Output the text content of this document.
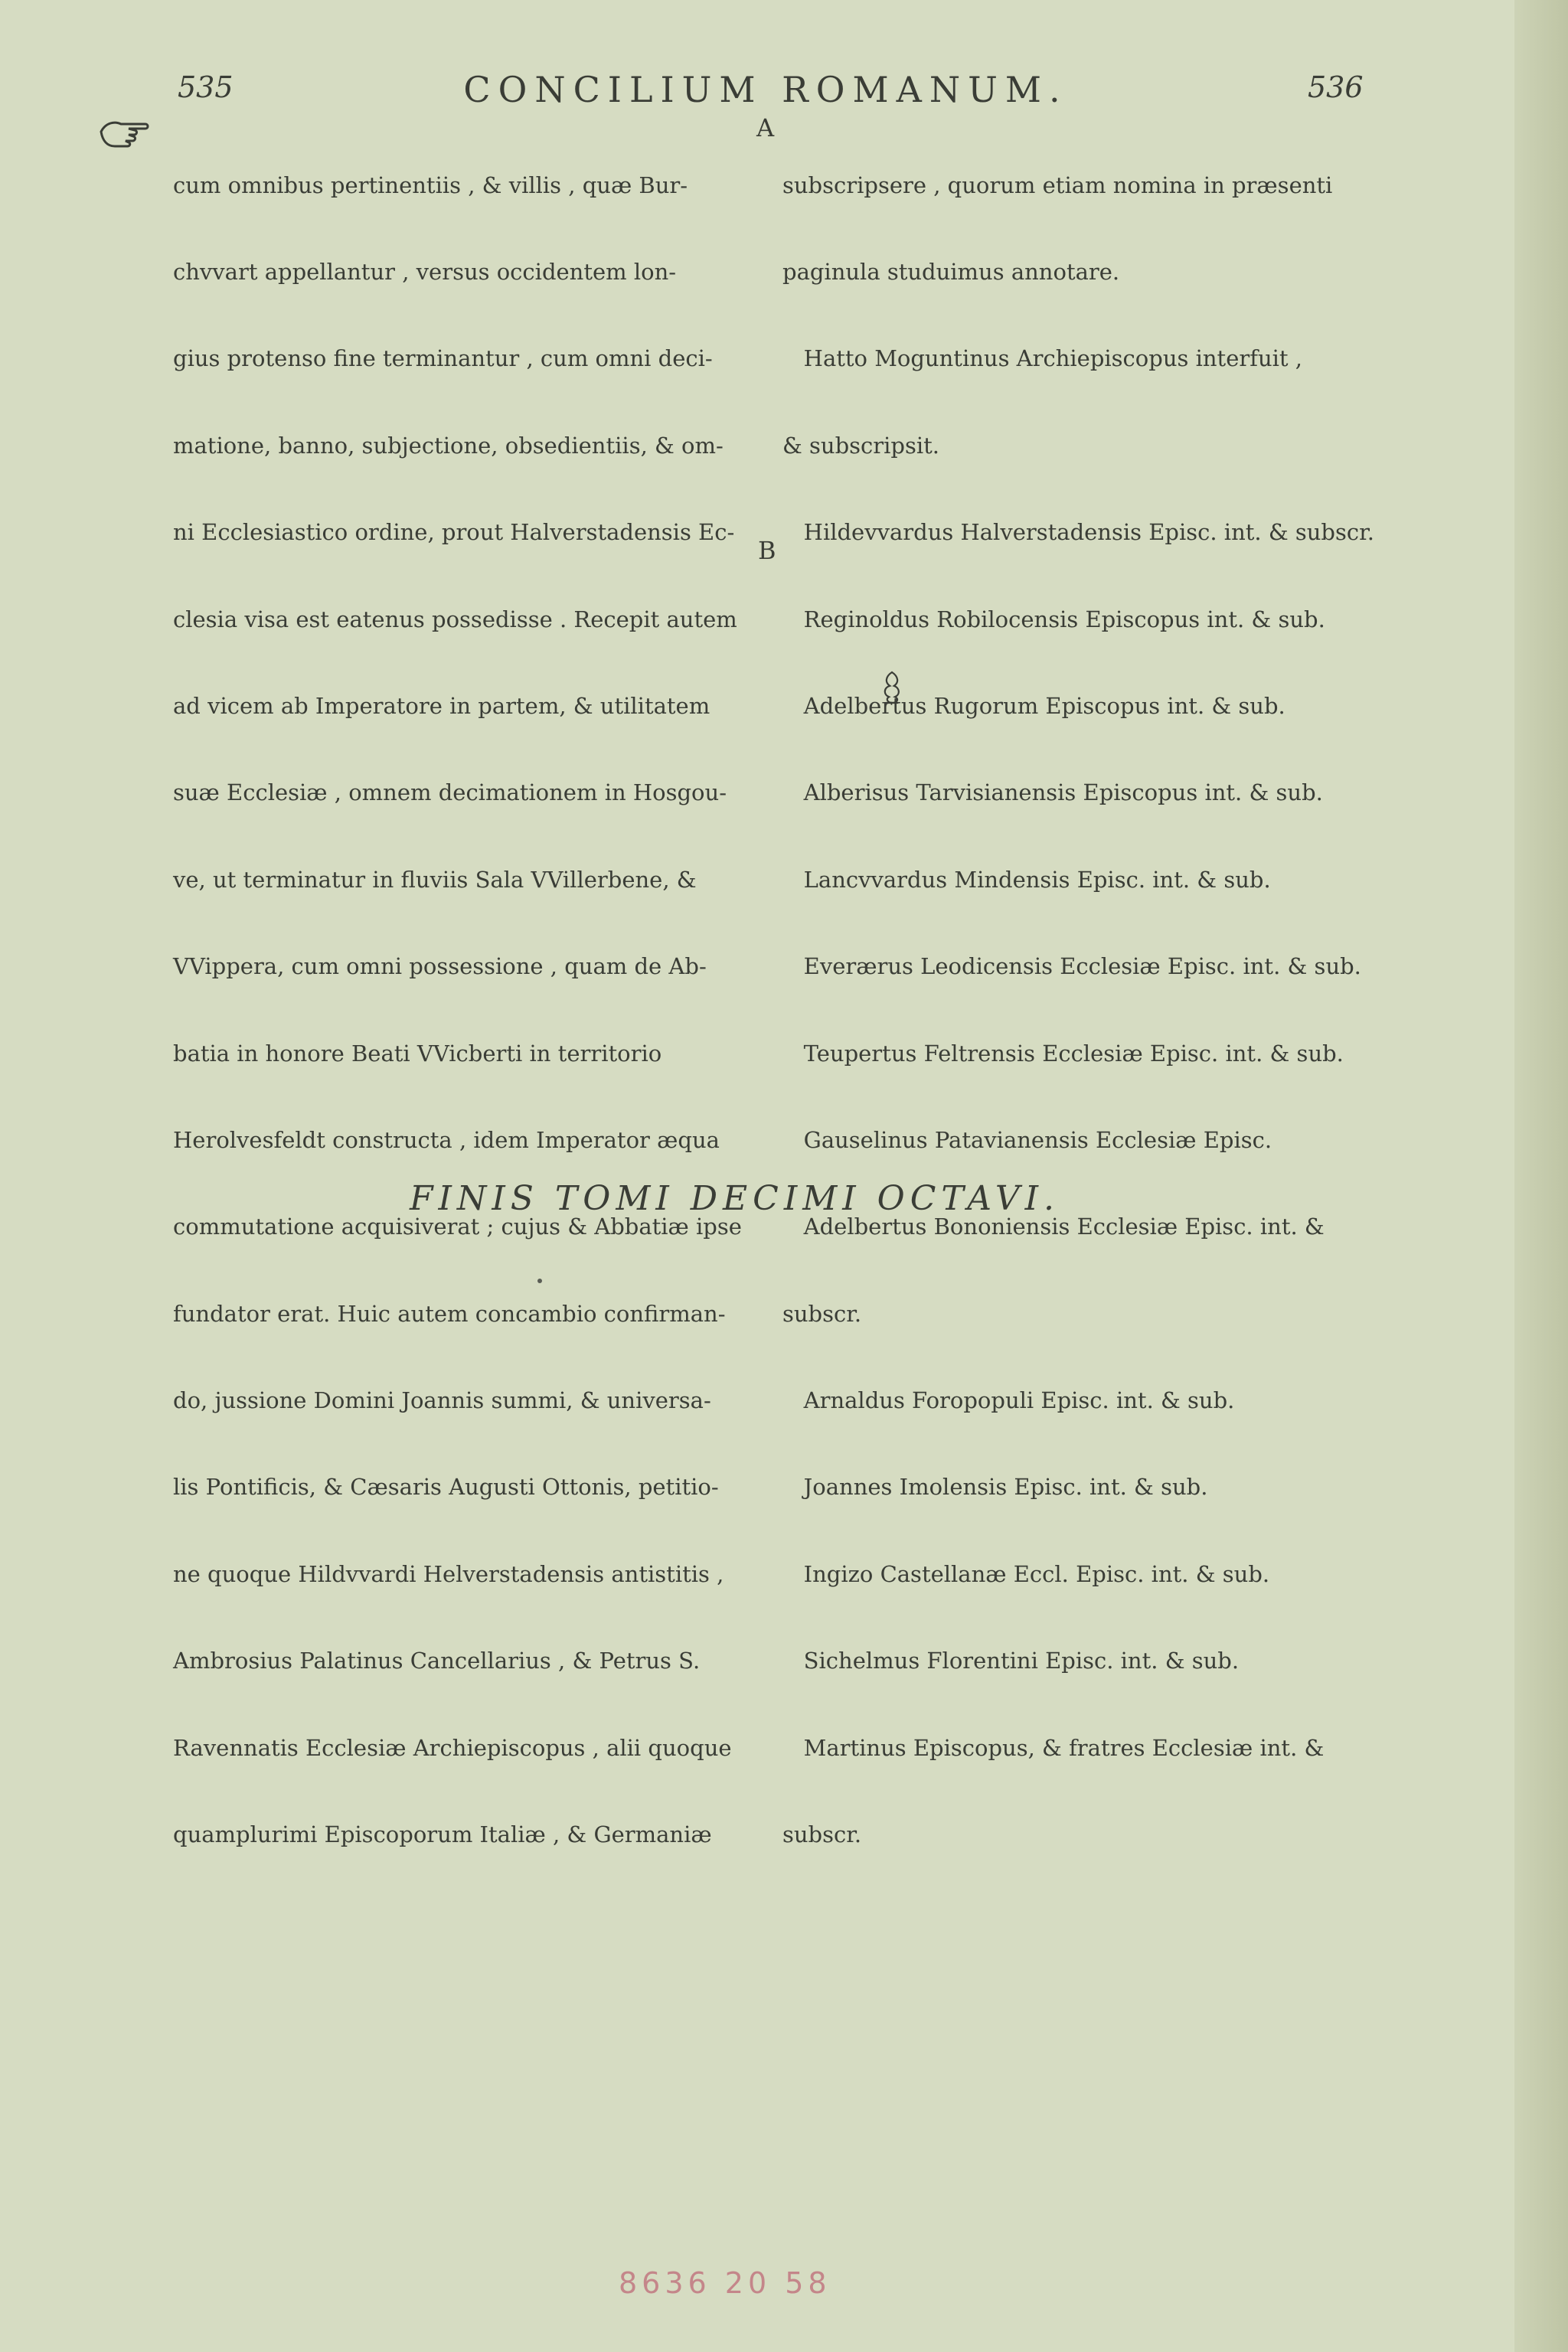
535	CONCILIUM ROMANUM.	536

cum omnibus pertinentiis , & villis , quæ Bur-

chvvart appellantur , versus occidentem lon-

gius protenso fine terminantur , cum omni deci-

matione, banno, subjectione, obsedientiis, & om-

ni Ecclesiastico ordine, prout Halverstadensis Ec-

clesia visa est eatenus possedisse . Recepit autem

ad vicem ab Imperatore in partem, & utilitatem

suæ Ecclesiæ , omnem decimationem in Hosgou-

ve, ut terminatur in fluviis Sala VVillerbene, &

VVippera, cum omni possessione , quam de Ab-

batia in honore Beati VVicberti in territorio

Herolvesfeldt constructa , idem Imperator æqua

commutatione acquisiverat ; cujus & Abbatiæ ipse

fundator erat. Huic autem concambio confirman-

do, jussione Domini Joannis summi, & universa-

lis Pontificis, & Cæsaris Augusti Ottonis, petitio-

ne quoque Hildvvardi Helverstadensis antistitis ,

Ambrosius Palatinus Cancellarius , & Petrus S.

Ravennatis Ecclesiæ Archiepiscopus , alii quoque

quamplurimi Episcoporum Italiæ , & Germaniæ

A
B

subscripsere , quorum etiam nomina in præsenti

paginula studuimus annotare.

Hatto Moguntinus Archiepiscopus interfuit ,

& subscripsit.

Hildevvardus Halverstadensis Episc. int. & subscr.

Reginoldus Robilocensis Episcopus int. & sub.

Adelbertus Rugorum Episcopus int. & sub.

Alberisus Tarvisianensis Episcopus int. & sub.

Lancvvardus Mindensis Episc. int. & sub.

Everærus Leodicensis Ecclesiæ Episc. int. & sub.

Teupertus Feltrensis Ecclesiæ Episc. int. & sub.

Gauselinus Patavianensis Ecclesiæ Episc.

Adelbertus Bononiensis Ecclesiæ Episc. int. &

subscr.

Arnaldus Foropopuli Episc. int. & sub.

Joannes Imolensis Episc. int. & sub.

Ingizo Castellanæ Eccl. Episc. int. & sub.

Sichelmus Florentini Episc. int. & sub.

Martinus Episcopus, & fratres Ecclesiæ int. &

subscr.

FINIS TOMI DECIMI OCTAVI.
8636 20 58
